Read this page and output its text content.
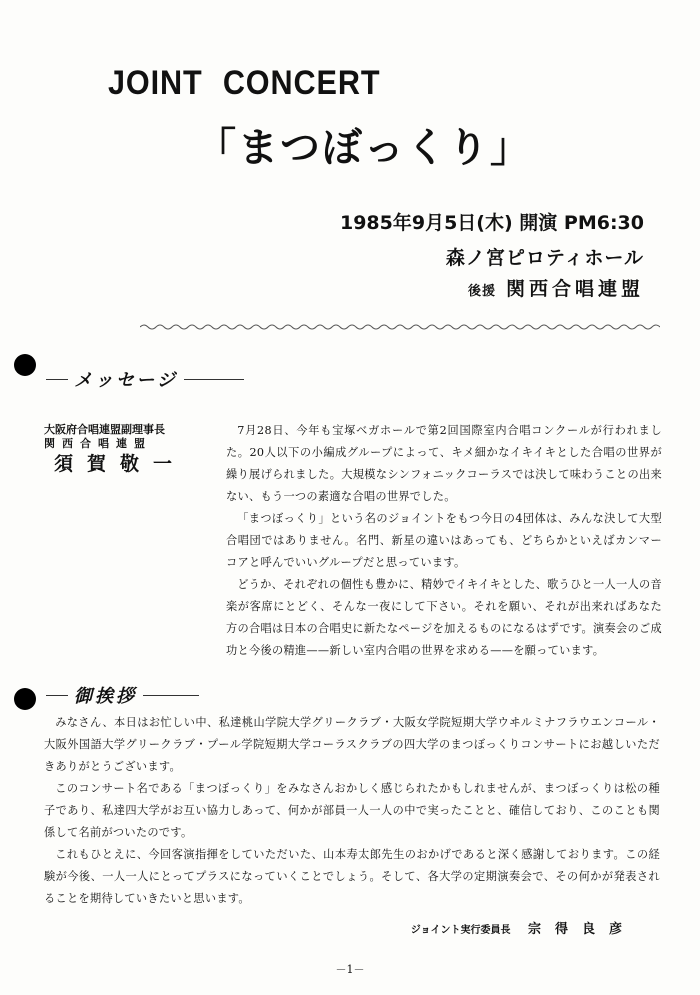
JOINT CONCERT
「まつぼっくり」
1985年9月5日(木) 開演 PM6:30
森ノ宮ピロティホール
後援 関西合唱連盟
メッセージ
大阪府合唱連盟副理事長
関西合唱連盟
須賀敬一

7月28日、今年も宝塚ベガホールで第2回国際室内合唱コンクールが行われました。20人以下の小編成グループによって、キメ細かなイキイキとした合唱の世界が繰り展げられました。大規模なシンフォニックコーラスでは決して味わうことの出来ない、もう一つの素適な合唱の世界でした。

「まつぼっくり」という名のジョイントをもつ今日の4団体は、みんな決して大型合唱団ではありません。名門、新星の違いはあっても、どちらかといえばカンマーコアと呼んでいいグループだと思っています。

どうか、それぞれの個性も豊かに、精妙でイキイキとした、歌うひと一人一人の音楽が客席にとどく、そんな一夜にして下さい。それを願い、それが出来ればあなた方の合唱は日本の合唱史に新たなページを加えるものになるはずです。演奏会のご成功と今後の精進——新しい室内合唱の世界を求める——を願っています。

御挨拶

みなさん、本日はお忙しい中、私達桃山学院大学グリークラブ・大阪女学院短期大学ウヰルミナフラウエンコール・大阪外国語大学グリークラブ・プール学院短期大学コーラスクラブの四大学のまつぼっくりコンサートにお越しいただきありがとうございます。

このコンサート名である「まつぼっくり」をみなさんおかしく感じられたかもしれませんが、まつぼっくりは松の種子であり、私達四大学がお互い協力しあって、何かが部員一人一人の中で実ったことと、確信しており、このことも関係して名前がついたのです。

これもひとえに、今回客演指揮をしていただいた、山本寿太郎先生のおかげであると深く感謝しております。この経験が今後、一人一人にとってプラスになっていくことでしょう。そして、各大学の定期演奏会で、その何かが発表されることを期待していきたいと思います。

ジョイント実行委員長 宗得良彦
－1－
